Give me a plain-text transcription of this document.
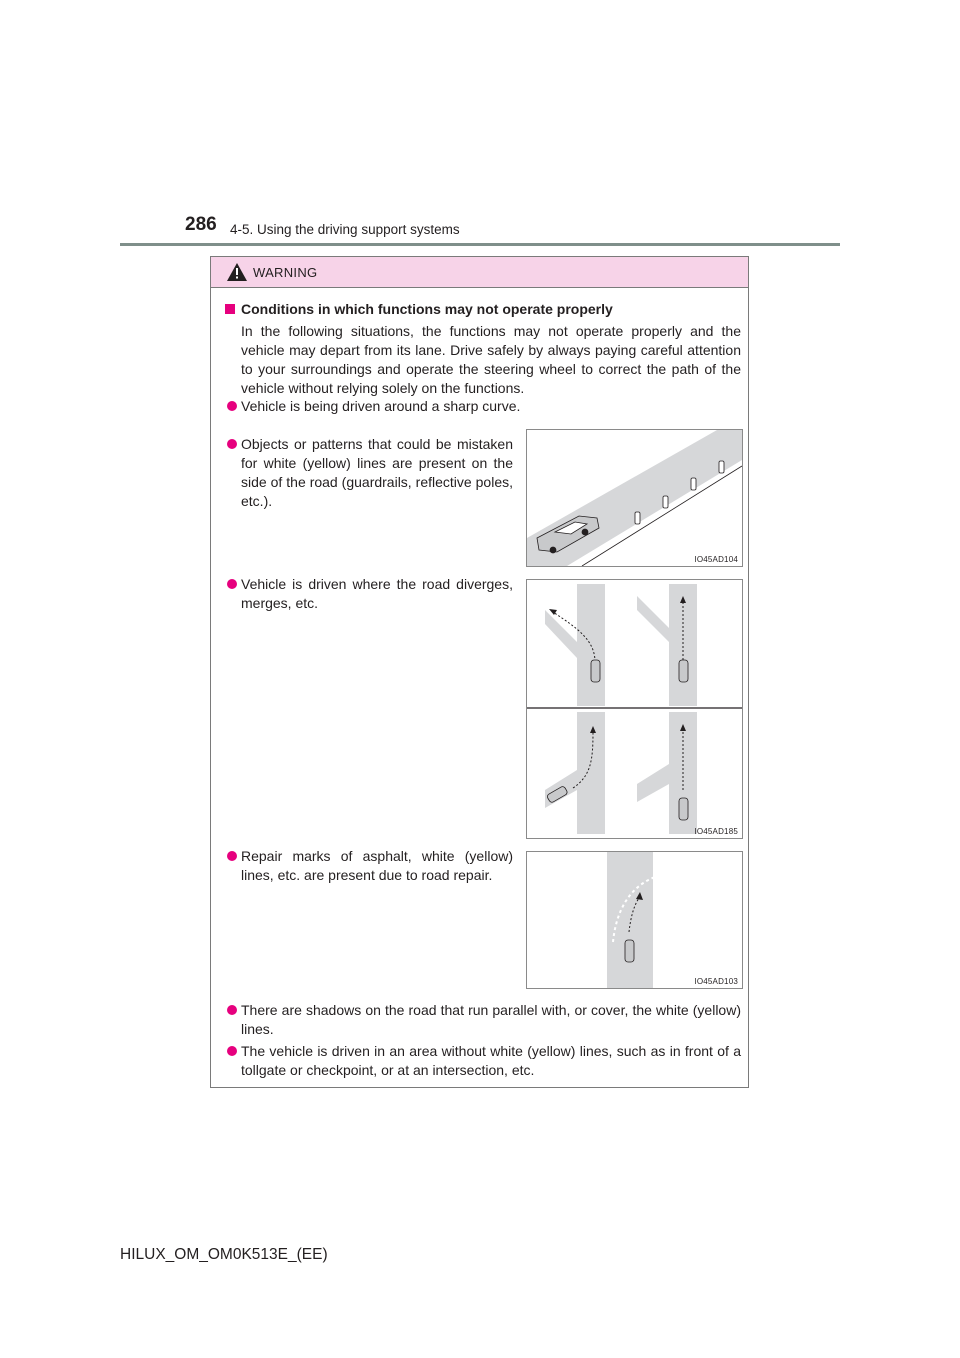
286 4-5. Using the driving support systems
WARNING
Conditions in which functions may not operate properly
In the following situations, the functions may not operate properly and the vehicle may depart from its lane. Drive safely by always paying careful attention to your surroundings and operate the steering wheel to correct the path of the vehicle without relying solely on the functions.
Vehicle is being driven around a sharp curve.
Objects or patterns that could be mistaken for white (yellow) lines are present on the side of the road (guardrails, reflective poles, etc.).
Vehicle is driven where the road diverges, merges, etc.
Repair marks of asphalt, white (yellow) lines, etc. are present due to road repair.
There are shadows on the road that run parallel with, or cover, the white (yellow) lines.
The vehicle is driven in an area without white (yellow) lines, such as in front of a tollgate or checkpoint, or at an intersection, etc.
IO45AD104
IO45AD185
IO45AD103
HILUX_OM_OM0K513E_(EE)
